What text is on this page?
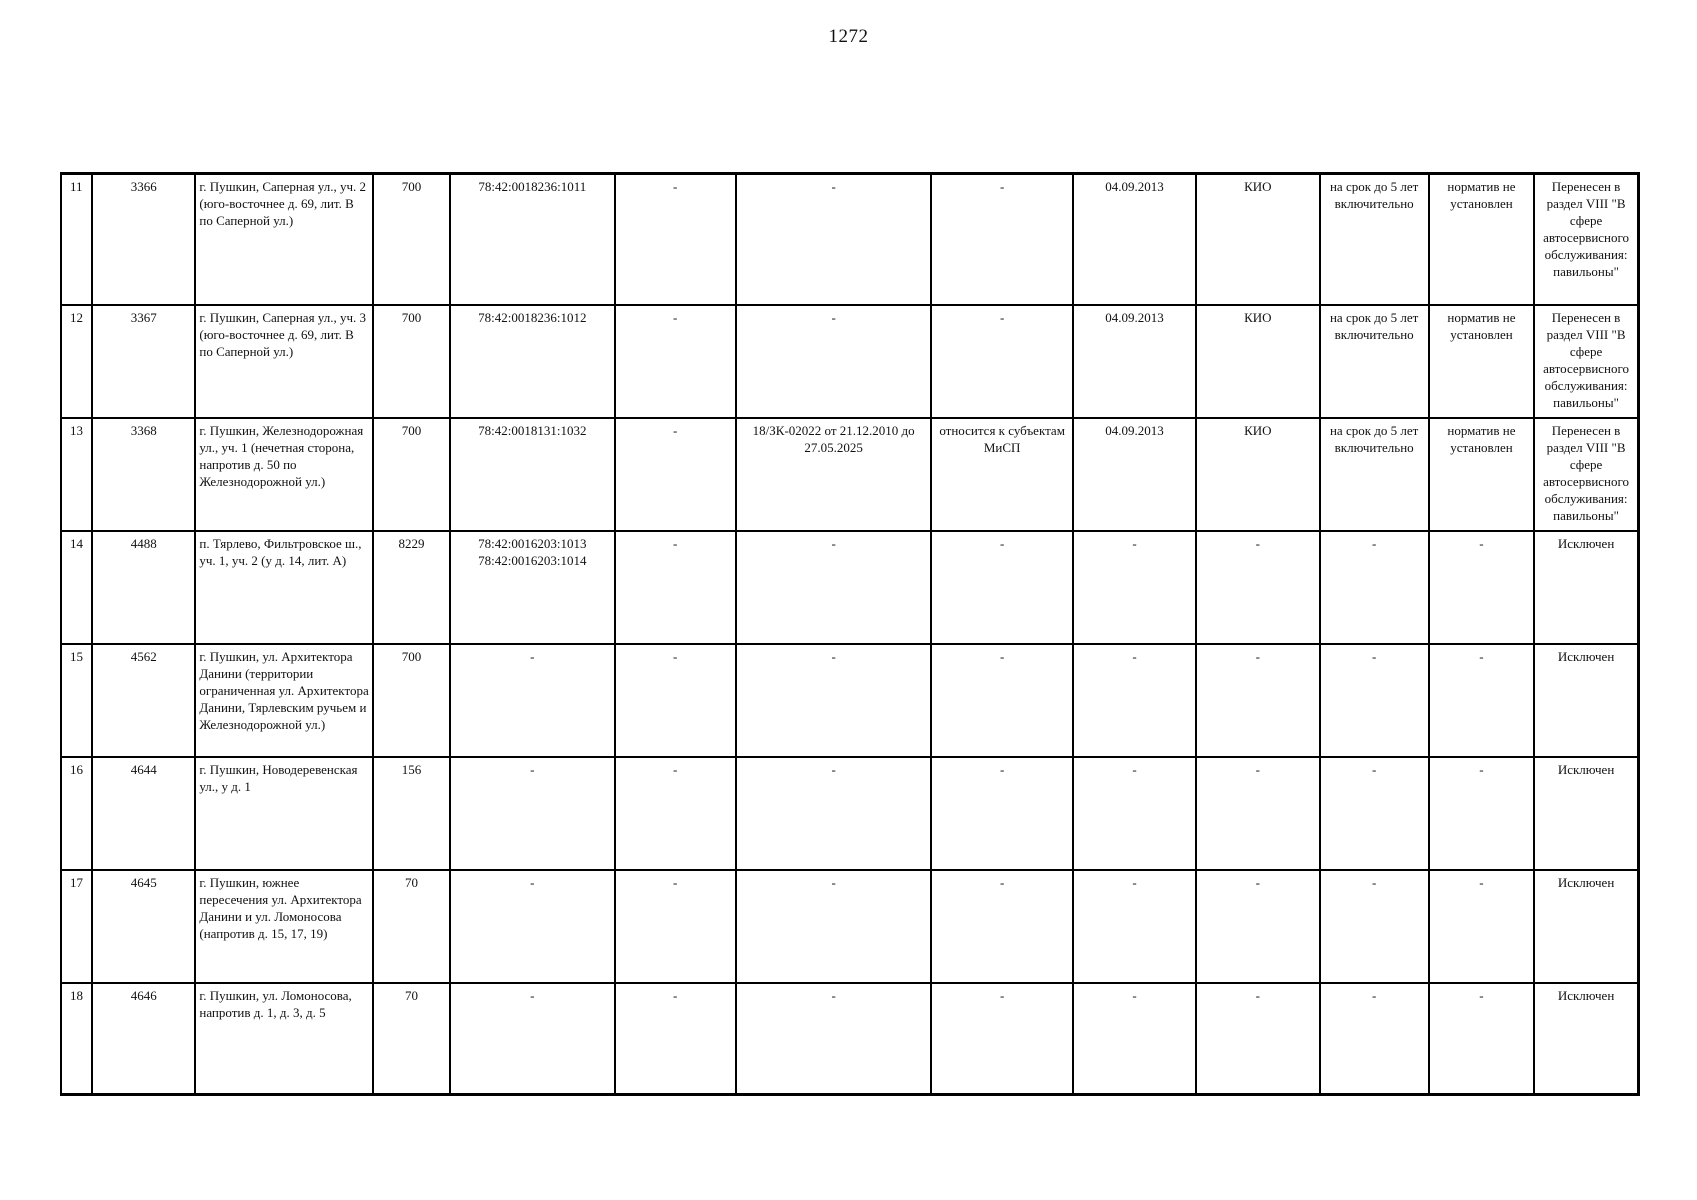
1272
11	3366	г. Пушкин, Саперная ул., уч. 2 (юго-восточнее д. 69, лит. В по Саперной ул.)	700	78:42:0018236:1011	-	-	-	04.09.2013	КИО	на срок до 5 лет включительно	норматив не установлен	Перенесен в раздел VIII "В сфере автосервисного обслуживания: павильоны"
12	3367	г. Пушкин, Саперная ул., уч. 3 (юго-восточнее д. 69, лит. В по Саперной ул.)	700	78:42:0018236:1012	-	-	-	04.09.2013	КИО	на срок до 5 лет включительно	норматив не установлен	Перенесен в раздел VIII "В сфере автосервисного обслуживания: павильоны"
13	3368	г. Пушкин, Железнодорожная ул., уч. 1 (нечетная сторона, напротив д. 50 по Железнодорожной ул.)	700	78:42:0018131:1032	-	18/ЗК-02022 от 21.12.2010 до 27.05.2025	относится к субъектам МиСП	04.09.2013	КИО	на срок до 5 лет включительно	норматив не установлен	Перенесен в раздел VIII "В сфере автосервисного обслуживания: павильоны"
14	4488	п. Тярлево, Фильтровское ш., уч. 1, уч. 2 (у д. 14, лит. А)	8229	78:42:0016203:1013 78:42:0016203:1014	-	-	-	-	-	-	-	Исключен
15	4562	г. Пушкин, ул. Архитектора Данини (территории ограниченная ул. Архитектора Данини, Тярлевским ручьем и Железнодорожной ул.)	700	-	-	-	-	-	-	-	-	Исключен
16	4644	г. Пушкин, Новодеревенская ул., у д. 1	156	-	-	-	-	-	-	-	-	Исключен
17	4645	г. Пушкин, южнее пересечения ул. Архитектора Данини и ул. Ломоносова (напротив д. 15, 17, 19)	70	-	-	-	-	-	-	-	-	Исключен
18	4646	г. Пушкин, ул. Ломоносова, напротив д. 1, д. 3, д. 5	70	-	-	-	-	-	-	-	-	Исключен
